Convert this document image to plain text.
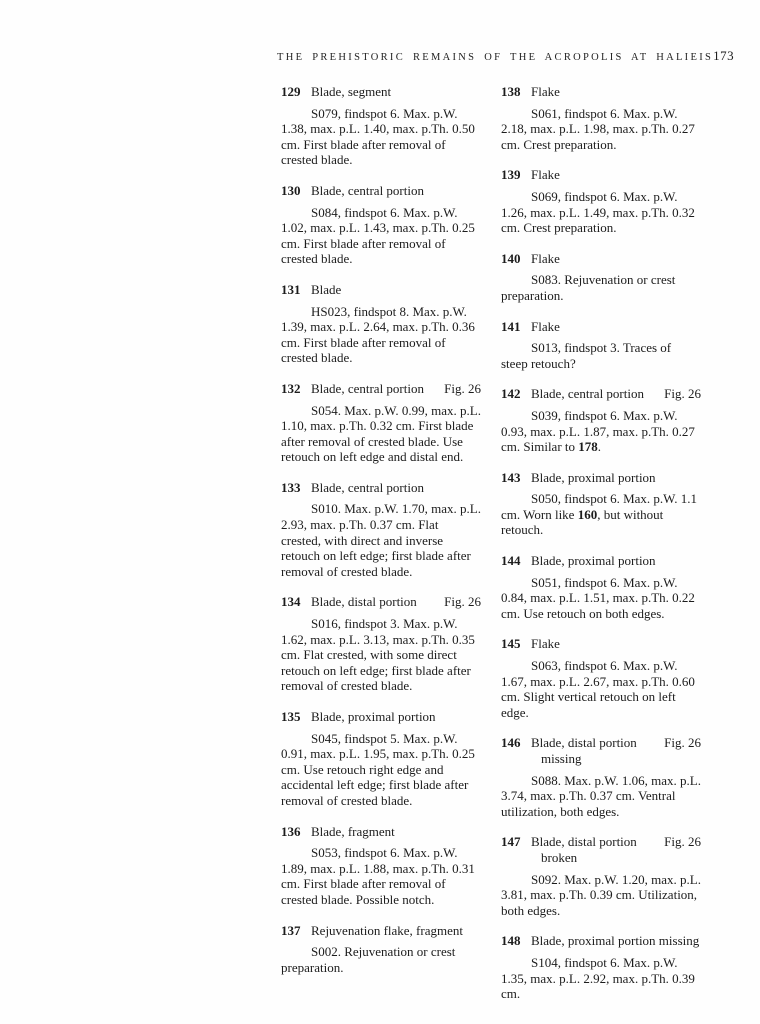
THE PREHISTORIC REMAINS OF THE ACROPOLIS AT HALIEIS 173
129 Blade, segment

S079, findspot 6. Max. p.W. 1.38, max. p.L. 1.40, max. p.Th. 0.50 cm. First blade after removal of crested blade.

130 Blade, central portion

S084, findspot 6. Max. p.W. 1.02, max. p.L. 1.43, max. p.Th. 0.25 cm. First blade after removal of crested blade.

131 Blade

HS023, findspot 8. Max. p.W. 1.39, max. p.L. 2.64, max. p.Th. 0.36 cm. First blade after removal of crested blade.

132 Blade, central portion	Fig. 26

S054. Max. p.W. 0.99, max. p.L. 1.10, max. p.Th. 0.32 cm. First blade after removal of crested blade. Use retouch on left edge and distal end.

133 Blade, central portion

S010. Max. p.W. 1.70, max. p.L. 2.93, max. p.Th. 0.37 cm. Flat crested, with direct and inverse retouch on left edge; first blade after removal of crested blade.

134 Blade, distal portion	Fig. 26

S016, findspot 3. Max. p.W. 1.62, max. p.L. 3.13, max. p.Th. 0.35 cm. Flat crested, with some direct retouch on left edge; first blade after removal of crested blade.

135 Blade, proximal portion

S045, findspot 5. Max. p.W. 0.91, max. p.L. 1.95, max. p.Th. 0.25 cm. Use retouch right edge and accidental left edge; first blade after removal of crested blade.

136 Blade, fragment

S053, findspot 6. Max. p.W. 1.89, max. p.L. 1.88, max. p.Th. 0.31 cm. First blade after removal of crested blade. Possible notch.

137 Rejuvenation flake, fragment

S002. Rejuvenation or crest preparation.

138 Flake

S061, findspot 6. Max. p.W. 2.18, max. p.L. 1.98, max. p.Th. 0.27 cm. Crest preparation.

139 Flake

S069, findspot 6. Max. p.W. 1.26, max. p.L. 1.49, max. p.Th. 0.32 cm. Crest preparation.

140 Flake

S083. Rejuvenation or crest preparation.

141 Flake

S013, findspot 3. Traces of steep retouch?

142 Blade, central portion	Fig. 26

S039, findspot 6. Max. p.W. 0.93, max. p.L. 1.87, max. p.Th. 0.27 cm. Similar to 178.

143 Blade, proximal portion

S050, findspot 6. Max. p.W. 1.1 cm. Worn like 160, but without retouch.

144 Blade, proximal portion

S051, findspot 6. Max. p.W. 0.84, max. p.L. 1.51, max. p.Th. 0.22 cm. Use retouch on both edges.

145 Flake

S063, findspot 6. Max. p.W. 1.67, max. p.L. 2.67, max. p.Th. 0.60 cm. Slight vertical retouch on left edge.

146 Blade, distal portion
missing
Fig. 26

S088. Max. p.W. 1.06, max. p.L. 3.74, max. p.Th. 0.37 cm. Ventral utilization, both edges.

147 Blade, distal portion
broken
Fig. 26

S092. Max. p.W. 1.20, max. p.L. 3.81, max. p.Th. 0.39 cm. Utilization, both edges.

148 Blade, proximal portion missing

S104, findspot 6. Max. p.W. 1.35, max. p.L. 2.92, max. p.Th. 0.39 cm.
